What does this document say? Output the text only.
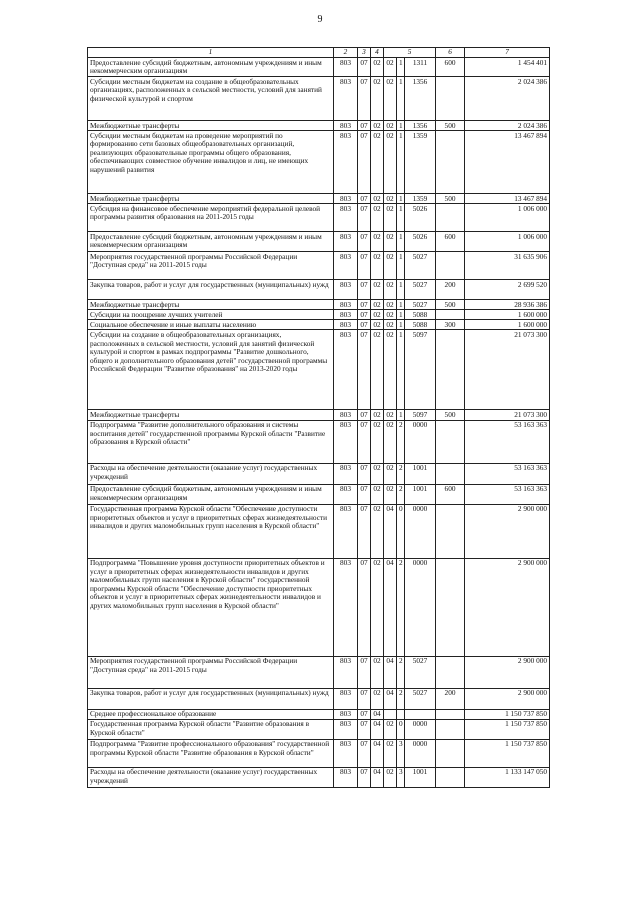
9
1	2	3	4	5			6	7
Предоставление субсидий бюджетным, автономным учреждениям и иным некоммерческим организациям	803	07	02	02	1	1311	600	1 454 401
Субсидии местным бюджетам на создание в общеобразовательных организациях, расположенных в сельской местности, условий для занятий физической культурой и спортом	803	07	02	02	1	1356		2 024 386
Межбюджетные трансферты	803	07	02	02	1	1356	500	2 024 386
Субсидии местным бюджетам на проведение мероприятий по формированию сети базовых общеобразовательных организаций, реализующих образовательные программы общего образования, обеспечивающих совместное обучение инвалидов и лиц, не имеющих нарушений развития	803	07	02	02	1	1359		13 467 894
Межбюджетные трансферты	803	07	02	02	1	1359	500	13 467 894
Субсидия на финансовое обеспечение мероприятий федеральной целевой программы развития образования на 2011-2015 годы	803	07	02	02	1	5026		1 006 000
Предоставление субсидий бюджетным, автономным учреждениям и иным некоммерческим организациям	803	07	02	02	1	5026	600	1 006 000
Мероприятия государственной программы Российской Федерации "Доступная среда" на 2011-2015 годы	803	07	02	02	1	5027		31 635 906
Закупка товаров, работ и услуг для государственных (муниципальных) нужд	803	07	02	02	1	5027	200	2 699 520
Межбюджетные трансферты	803	07	02	02	1	5027	500	28 936 386
Субсидии на поощрение лучших учителей	803	07	02	02	1	5088		1 600 000
Социальное обеспечение и иные выплаты населению	803	07	02	02	1	5088	300	1 600 000
Субсидии на создание в общеобразовательных организациях, расположенных в сельской местности, условий для занятий физической культурой и спортом в рамках подпрограммы "Развитие дошкольного, общего и дополнительного образования детей" государственной программы Российской Федерации "Развитие образования" на 2013-2020 годы	803	07	02	02	1	5097		21 073 300
Межбюджетные трансферты	803	07	02	02	1	5097	500	21 073 300
Подпрограмма "Развитие дополнительного образования и системы воспитания детей" государственной программы Курской области "Развитие образования в Курской области"	803	07	02	02	2	0000		53 163 363
Расходы на обеспечение деятельности (оказание услуг) государственных учреждений	803	07	02	02	2	1001		53 163 363
Предоставление субсидий бюджетным, автономным учреждениям и иным некоммерческим организациям	803	07	02	02	2	1001	600	53 163 363
Государственная программа Курской области "Обеспечение доступности приоритетных объектов и услуг в приоритетных сферах жизнедеятельности инвалидов и других маломобильных групп населения в Курской области"	803	07	02	04	0	0000		2 900 000
Подпрограмма "Повышение уровня доступности приоритетных объектов и услуг в приоритетных сферах жизнедеятельности инвалидов и других маломобильных групп населения в Курской области" государственной программы Курской области "Обеспечение доступности приоритетных объектов и услуг в приоритетных сферах жизнедеятельности инвалидов и других маломобильных групп населения в Курской области"	803	07	02	04	2	0000		2 900 000
Мероприятия государственной программы Российской Федерации "Доступная среда" на 2011-2015 годы	803	07	02	04	2	5027		2 900 000
Закупка товаров, работ и услуг для государственных (муниципальных) нужд	803	07	02	04	2	5027	200	2 900 000
Среднее профессиональное образование	803	07	04					1 150 737 850
Государственная программа Курской области "Развитие образования в Курской области"	803	07	04	02	0	0000		1 150 737 850
Подпрограмма "Развитие профессионального образования" государственной программы Курской области "Развитие образования в Курской области"	803	07	04	02	3	0000		1 150 737 850
Расходы на обеспечение деятельности (оказание услуг) государственных учреждений	803	07	04	02	3	1001		1 133 147 050
